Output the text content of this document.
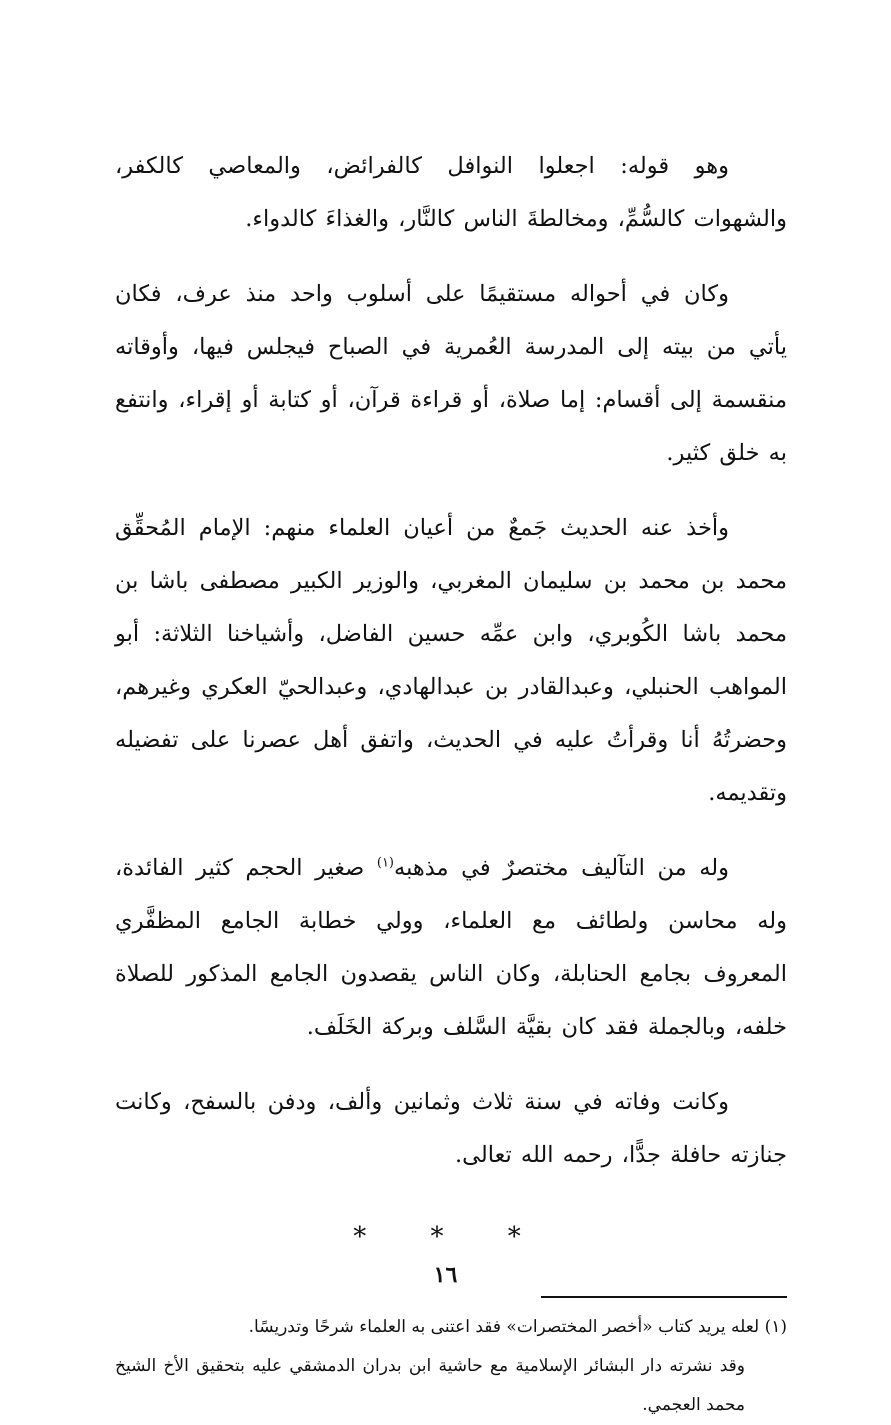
وهو قوله: اجعلوا النوافل كالفرائض، والمعاصي كالكفر، والشهوات كالسُّمِّ، ومخالطةَ الناس كالنَّار، والغذاءَ كالدواء.

وكان في أحواله مستقيمًا على أسلوب واحد منذ عرف، فكان يأتي من بيته إلى المدرسة العُمرية في الصباح فيجلس فيها، وأوقاته منقسمة إلى أقسام: إما صلاة، أو قراءة قرآن، أو كتابة أو إقراء، وانتفع به خلق كثير.

وأخذ عنه الحديث جَمعٌ من أعيان العلماء منهم: الإمام المُحقِّق محمد بن محمد بن سليمان المغربي، والوزير الكبير مصطفى باشا بن محمد باشا الكُوبري، وابن عمِّه حسين الفاضل، وأشياخنا الثلاثة: أبو المواهب الحنبلي، وعبدالقادر بن عبدالهادي، وعبدالحيّ العكري وغيرهم، وحضرتُهُ أنا وقرأتُ عليه في الحديث، واتفق أهل عصرنا على تفضيله وتقديمه.

وله من التآليف مختصرٌ في مذهبه$^{(١)}$ صغير الحجم كثير الفائدة، وله محاسن ولطائف مع العلماء، وولي خطابة الجامع المظفَّري المعروف بجامع الحنابلة، وكان الناس يقصدون الجامع المذكور للصلاة خلفه، وبالجملة فقد كان بقيَّة السَّلف وبركة الخَلَف.

وكانت وفاته في سنة ثلاث وثمانين وألف، ودفن بالسفح، وكانت جنازته حافلة جدًّا، رحمه الله تعالى.

* * *

(١) لعله يريد كتاب «أخصر المختصرات» فقد اعتنى به العلماء شرحًا وتدريسًا.
وقد نشرته دار البشائر الإسلامية مع حاشية ابن بدران الدمشقي عليه بتحقيق الأخ الشيخ محمد العجمي.

١٦
